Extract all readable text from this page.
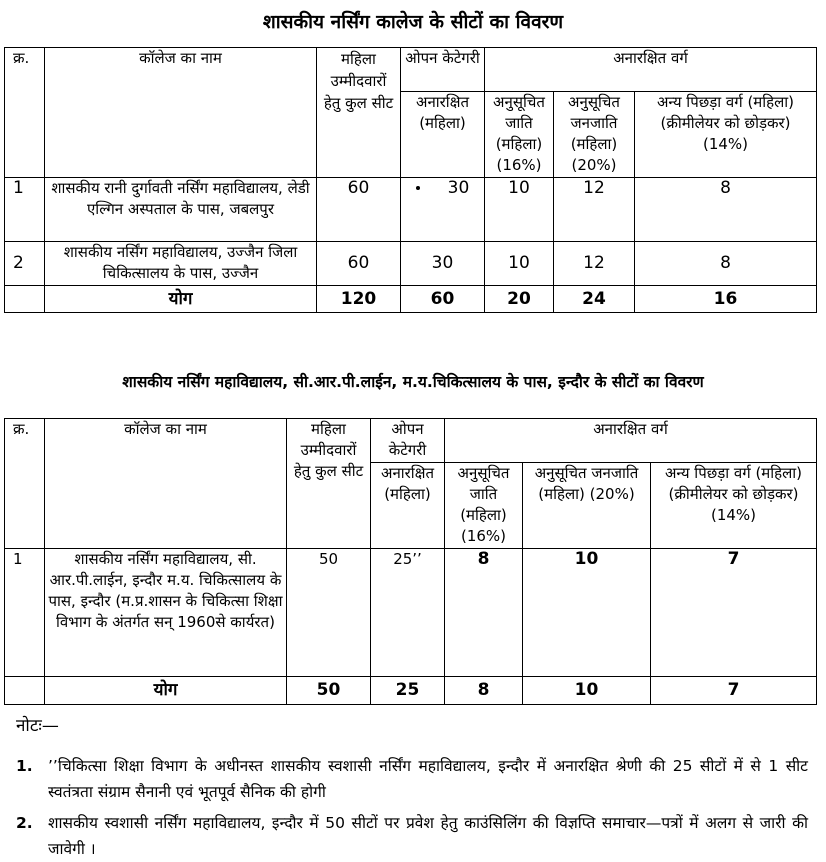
शासकीय नर्सिंग कालेज के सीटों का विवरण
क्र.	कॉलेज का नाम	महिला उम्मीदवारों हेतु कुल सीट	ओपन केटेगरी	अनारक्षित वर्ग		
			अनारक्षित (महिला)	अनुसूचित जाति (महिला) (16%)	अनुसूचित जनजाति (महिला) (20%)	अन्य पिछड़ा वर्ग (महिला) (क्रीमीलेयर को छोड़कर) (14%)
1	शासकीय रानी दुर्गावती नर्सिंग महाविद्यालय, लेडी एल्गिन अस्पताल के पास, जबलपुर	60	30	10	12	8
2	शासकीय नर्सिंग महाविद्यालय, उज्जैन जिला चिकित्सालय के पास, उज्जैन	60	30	10	12	8
	योग	120	60	20	24	16
शासकीय नर्सिंग महाविद्यालय, सी.आर.पी.लाईन, म.य.चिकित्सालय के पास, इन्दौर के सीटों का विवरण
क्र.	कॉलेज का नाम	महिला उम्मीदवारों हेतु कुल सीट	ओपन केटेगरी	अनारक्षित वर्ग		
			अनारक्षित (महिला)	अनुसूचित जाति (महिला) (16%)	अनुसूचित जनजाति (महिला) (20%)	अन्य पिछड़ा वर्ग (महिला) (क्रीमीलेयर को छोड़कर) (14%)
1	शासकीय नर्सिंग महाविद्यालय, सी. आर.पी.लाईन, इन्दौर म.य. चिकित्सालय के पास, इन्दौर (म.प्र.शासन के चिकित्सा शिक्षा विभाग के अंतर्गत सन् 1960से कार्यरत)	50	25’’	8	10	7
	योग	50	25	8	10	7
नोटः—
1. ’’चिकित्सा शिक्षा विभाग के अधीनस्त शासकीय स्वशासी नर्सिंग महाविद्यालय, इन्दौर में अनारक्षित श्रेणी की 25 सीटों में से 1 सीट स्वतंत्रता संग्राम सैनानी एवं भूतपूर्व सैनिक की होगी
2. शासकीय स्वशासी नर्सिंग महाविद्यालय, इन्दौर में 50 सीटों पर प्रवेश हेतु काउंसिलिंग की विज्ञप्ति समाचार—पत्रों में अलग से जारी की जावेगी ।
